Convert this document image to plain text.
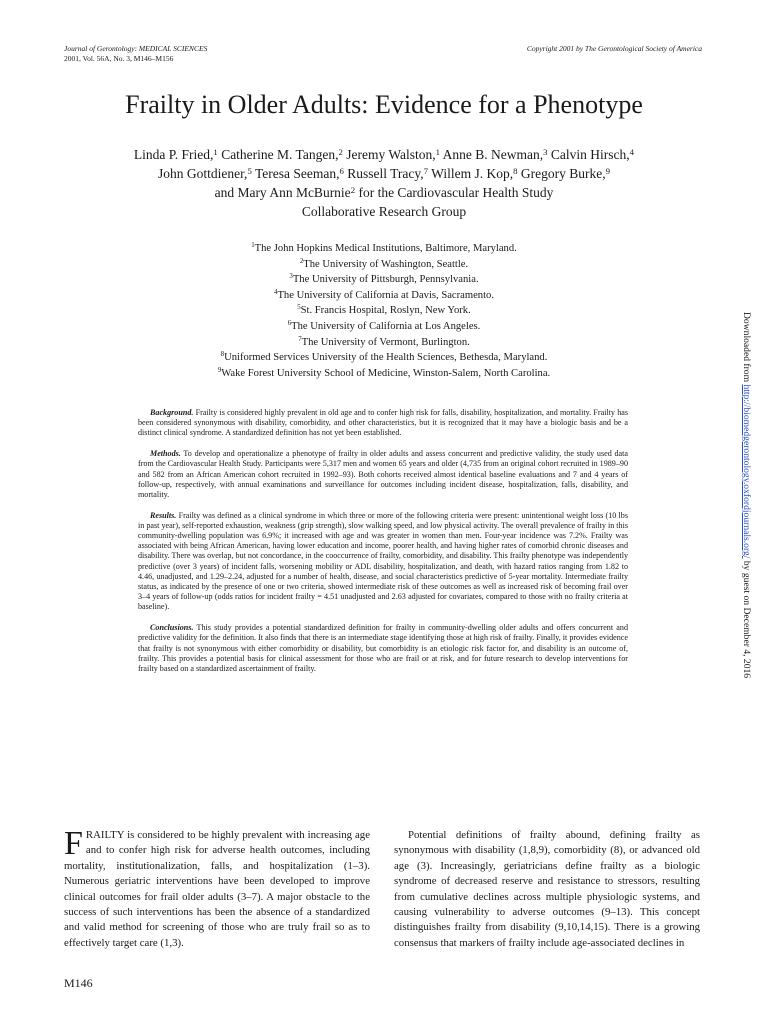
Journal of Gerontology: MEDICAL SCIENCES
2001, Vol. 56A, No. 3, M146–M156
Copyright 2001 by The Gerontological Society of America
Frailty in Older Adults: Evidence for a Phenotype
Linda P. Fried,$^1$ Catherine M. Tangen,$^2$ Jeremy Walston,$^1$ Anne B. Newman,$^3$ Calvin Hirsch,$^4$
John Gottdiener,$^5$ Teresa Seeman,$^6$ Russell Tracy,$^7$ Willem J. Kop,$^8$ Gregory Burke,$^9$
and Mary Ann McBurnie$^2$ for the Cardiovascular Health Study
Collaborative Research Group
$^1$The John Hopkins Medical Institutions, Baltimore, Maryland.
$^2$The University of Washington, Seattle.
$^3$The University of Pittsburgh, Pennsylvania.
$^4$The University of California at Davis, Sacramento.
$^5$St. Francis Hospital, Roslyn, New York.
$^6$The University of California at Los Angeles.
$^7$The University of Vermont, Burlington.
$^8$Uniformed Services University of the Health Sciences, Bethesda, Maryland.
$^9$Wake Forest University School of Medicine, Winston-Salem, North Carolina.

Background. Frailty is considered highly prevalent in old age and to confer high risk for falls, disability, hospitalization, and mortality. Frailty has been considered synonymous with disability, comorbidity, and other characteristics, but it is recognized that it may have a biologic basis and be a distinct clinical syndrome. A standardized definition has not yet been established.

Methods. To develop and operationalize a phenotype of frailty in older adults and assess concurrent and predictive validity, the study used data from the Cardiovascular Health Study. Participants were 5,317 men and women 65 years and older (4,735 from an original cohort recruited in 1989–90 and 582 from an African American cohort recruited in 1992–93). Both cohorts received almost identical baseline evaluations and 7 and 4 years of follow-up, respectively, with annual examinations and surveillance for outcomes including incident disease, hospitalization, falls, disability, and mortality.

Results. Frailty was defined as a clinical syndrome in which three or more of the following criteria were present: unintentional weight loss (10 lbs in past year), self-reported exhaustion, weakness (grip strength), slow walking speed, and low physical activity. The overall prevalence of frailty in this community-dwelling population was 6.9%; it increased with age and was greater in women than men. Four-year incidence was 7.2%. Frailty was associated with being African American, having lower education and income, poorer health, and having higher rates of comorbid chronic diseases and disability. There was overlap, but not concordance, in the cooccurrence of frailty, comorbidity, and disability. This frailty phenotype was independently predictive (over 3 years) of incident falls, worsening mobility or ADL disability, hospitalization, and death, with hazard ratios ranging from 1.82 to 4.46, unadjusted, and 1.29–2.24, adjusted for a number of health, disease, and social characteristics predictive of 5-year mortality. Intermediate frailty status, as indicated by the presence of one or two criteria, showed intermediate risk of these outcomes as well as increased risk of becoming frail over 3–4 years of follow-up (odds ratios for incident frailty = 4.51 unadjusted and 2.63 adjusted for covariates, compared to those with no frailty criteria at baseline).

Conclusions. This study provides a potential standardized definition for frailty in community-dwelling older adults and offers concurrent and predictive validity for the definition. It also finds that there is an intermediate stage identifying those at high risk of frailty. Finally, it provides evidence that frailty is not synonymous with either comorbidity or disability, but comorbidity is an etiologic risk factor for, and disability is an outcome of, frailty. This provides a potential basis for clinical assessment for those who are frail or at risk, and for future research to develop interventions for frailty based on a standardized ascertainment of frailty.

FRAILTY is considered to be highly prevalent with increasing age and to confer high risk for adverse health outcomes, including mortality, institutionalization, falls, and hospitalization (1–3). Numerous geriatric interventions have been developed to improve clinical outcomes for frail older adults (3–7). A major obstacle to the success of such interventions has been the absence of a standardized and valid method for screening of those who are truly frail so as to effectively target care (1,3).

Potential definitions of frailty abound, defining frailty as synonymous with disability (1,8,9), comorbidity (8), or advanced old age (3). Increasingly, geriatricians define frailty as a biologic syndrome of decreased reserve and resistance to stressors, resulting from cumulative declines across multiple physiologic systems, and causing vulnerability to adverse outcomes (9–13). This concept distinguishes frailty from disability (9,10,14,15). There is a growing consensus that markers of frailty include age-associated declines in

Downloaded from http://biomedgerontology.oxfordjournals.org/ by guest on December 4, 2016
M146
